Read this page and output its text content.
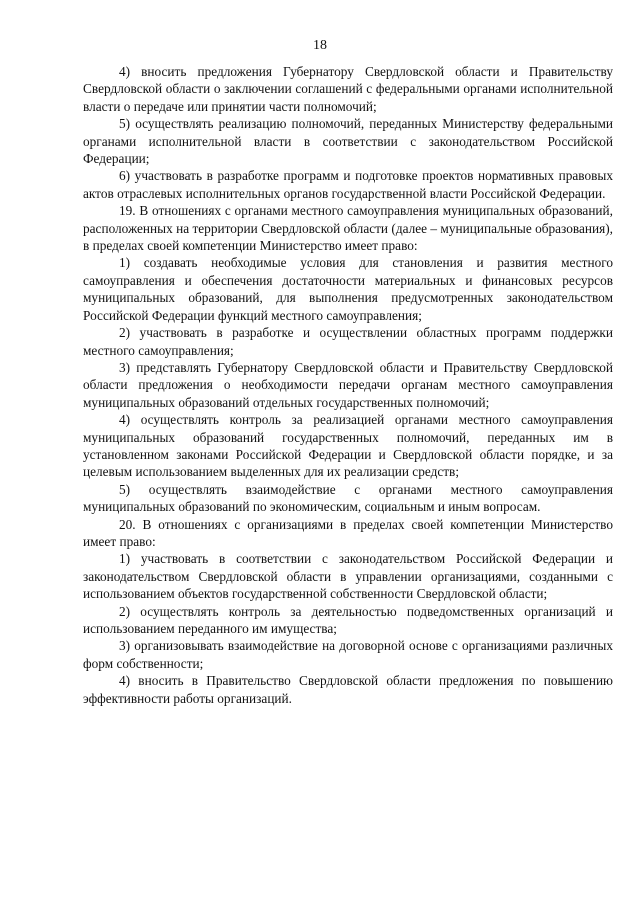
18

4) вносить предложения Губернатору Свердловской области и Правительству Свердловской области о заключении соглашений с федеральными органами исполнительной власти о передаче или принятии части полномочий;

5) осуществлять реализацию полномочий, переданных Министерству федеральными органами исполнительной власти в соответствии с законодательством Российской Федерации;

6) участвовать в разработке программ и подготовке проектов нормативных правовых актов отраслевых исполнительных органов государственной власти Российской Федерации.

19. В отношениях с органами местного самоуправления муниципальных образований, расположенных на территории Свердловской области (далее – муниципальные образования), в пределах своей компетенции Министерство имеет право:

1) создавать необходимые условия для становления и развития местного самоуправления и обеспечения достаточности материальных и финансовых ресурсов муниципальных образований, для выполнения предусмотренных законодательством Российской Федерации функций местного самоуправления;

2) участвовать в разработке и осуществлении областных программ поддержки местного самоуправления;

3) представлять Губернатору Свердловской области и Правительству Свердловской области предложения о необходимости передачи органам местного самоуправления муниципальных образований отдельных государственных полномочий;

4) осуществлять контроль за реализацией органами местного самоуправления муниципальных образований государственных полномочий, переданных им в установленном законами Российской Федерации и Свердловской области порядке, и за целевым использованием выделенных для их реализации средств;

5) осуществлять взаимодействие с органами местного самоуправления муниципальных образований по экономическим, социальным и иным вопросам.

20. В отношениях с организациями в пределах своей компетенции Министерство имеет право:

1) участвовать в соответствии с законодательством Российской Федерации и законодательством Свердловской области в управлении организациями, созданными с использованием объектов государственной собственности Свердловской области;

2) осуществлять контроль за деятельностью подведомственных организаций и использованием переданного им имущества;

3) организовывать взаимодействие на договорной основе с организациями различных форм собственности;

4) вносить в Правительство Свердловской области предложения по повышению эффективности работы организаций.
